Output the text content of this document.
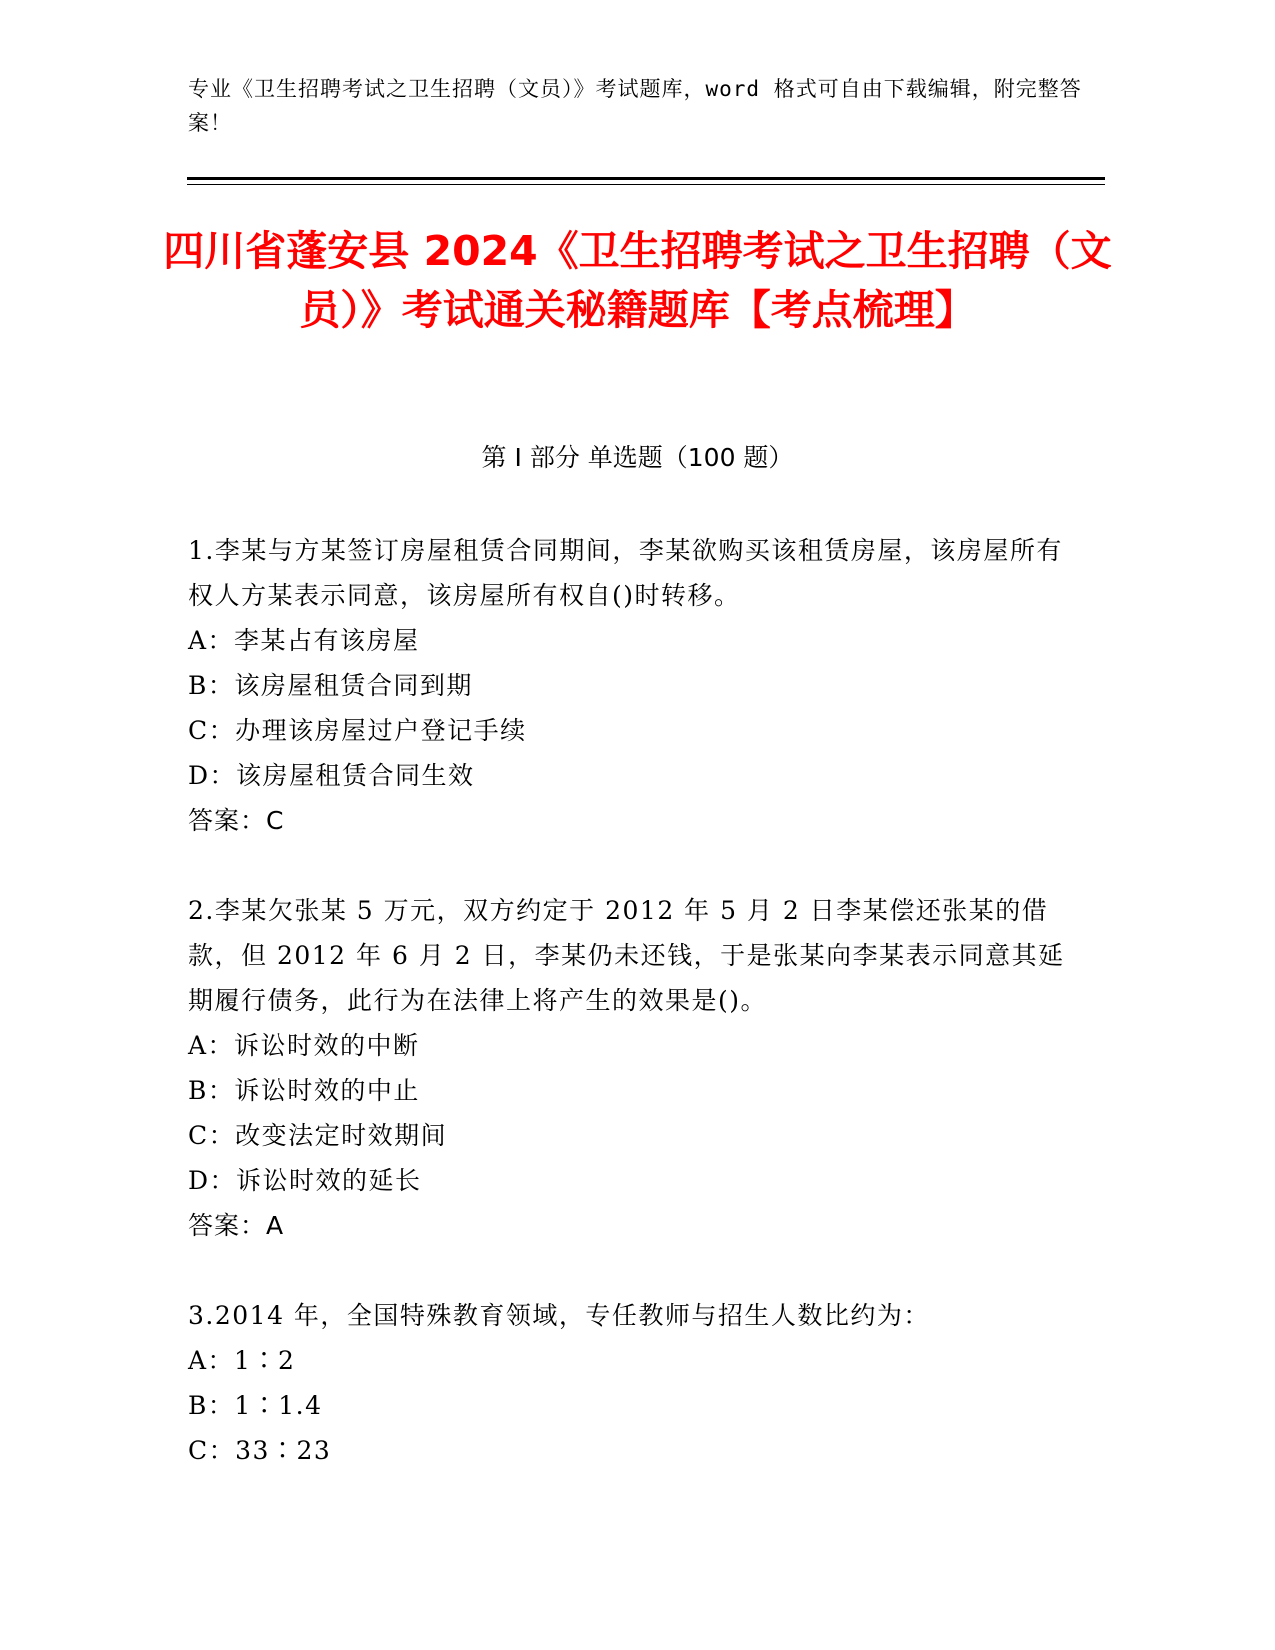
专业《卫生招聘考试之卫生招聘（文员）》考试题库，word 格式可自由下载编辑，附完整答案！
四川省蓬安县 2024《卫生招聘考试之卫生招聘（文员）》考试通关秘籍题库【考点梳理】
第 I 部分 单选题（100 题）
1.李某与方某签订房屋租赁合同期间，李某欲购买该租赁房屋，该房屋所有权人方某表示同意，该房屋所有权自()时转移。
A：李某占有该房屋
B：该房屋租赁合同到期
C：办理该房屋过户登记手续
D：该房屋租赁合同生效
答案：C
2.李某欠张某 5 万元，双方约定于 2012 年 5 月 2 日李某偿还张某的借款，但 2012 年 6 月 2 日，李某仍未还钱，于是张某向李某表示同意其延期履行债务，此行为在法律上将产生的效果是()。
A：诉讼时效的中断
B：诉讼时效的中止
C：改变法定时效期间
D：诉讼时效的延长
答案：A
3.2014 年，全国特殊教育领域，专任教师与招生人数比约为：
A：1∶2
B：1∶1.4
C：33∶23
